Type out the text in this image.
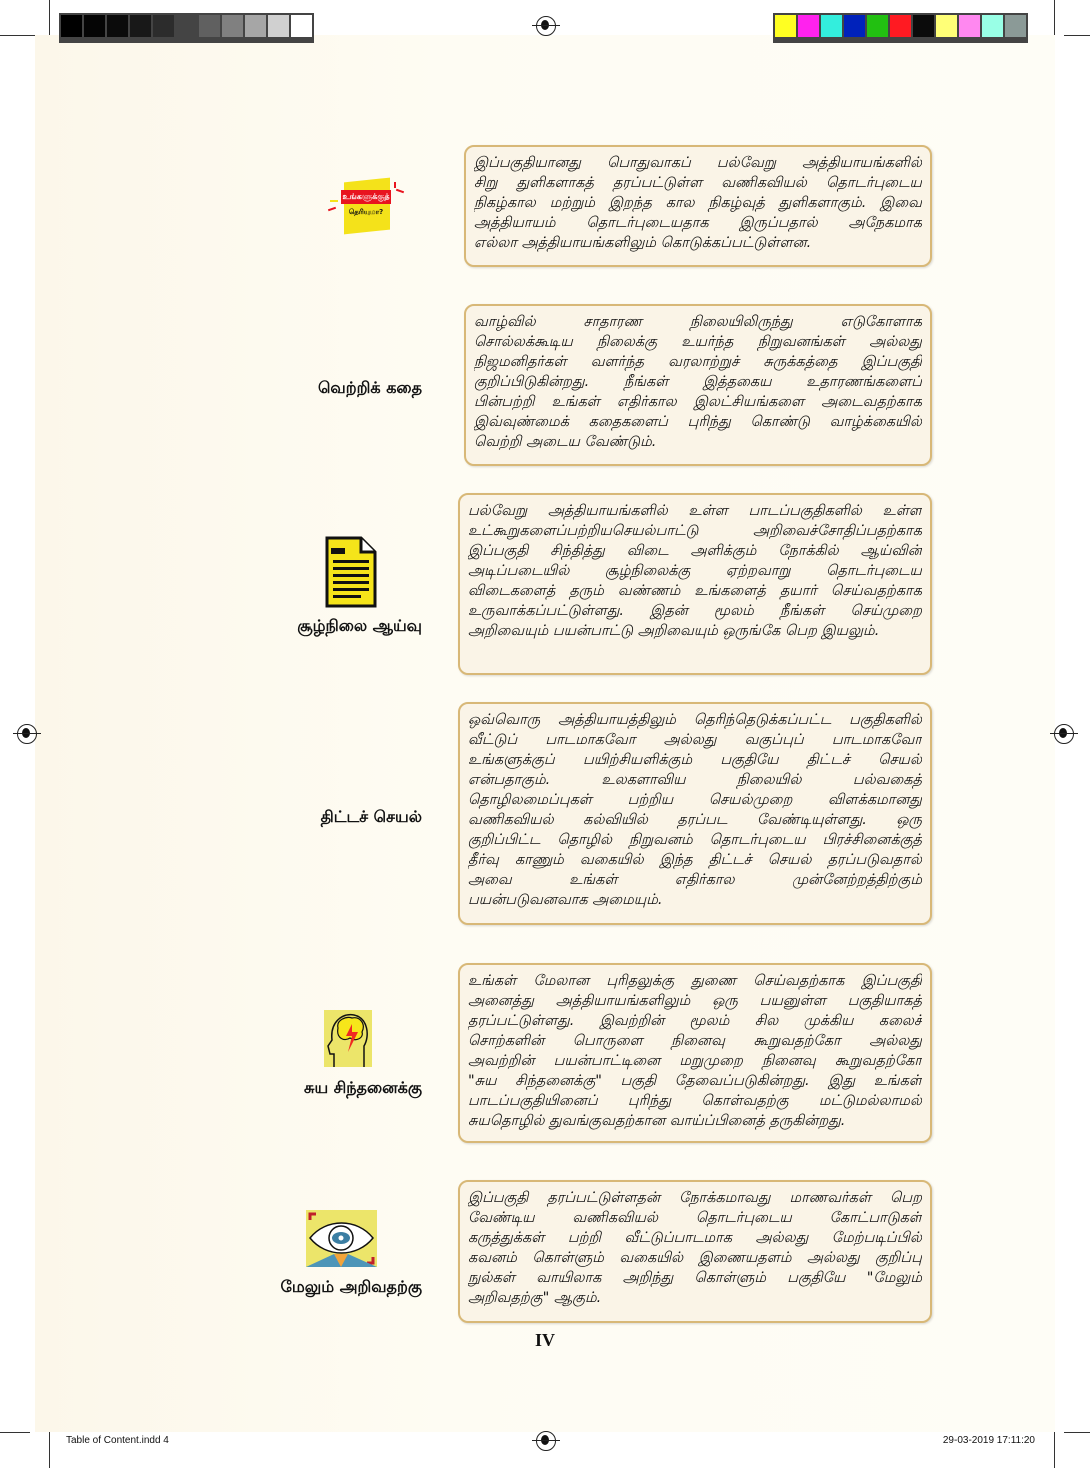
உங்களுக்குத்
தெரியுமா?
வெற்றிக் கதை
சூழ்நிலை ஆய்வு
திட்டச் செயல்
சுய சிந்தனைக்கு
மேலும் அறிவதற்கு
இப்பகுதியானது பொதுவாகப் பல்வேறு அத்தியாயங்களில்
சிறு துளிகளாகத் தரப்பட்டுள்ள வணிகவியல் தொடர்புடைய
நிகழ்கால மற்றும் இறந்த கால நிகழ்வுத் துளிகளாகும். இவை
அத்தியாயம் தொடர்புடையதாக இருப்பதால் அநேகமாக
எல்லா அத்தியாயங்களிலும் கொடுக்கப்பட்டுள்ளன.
வாழ்வில் சாதாரண நிலையிலிருந்து எடுகோளாக
சொல்லக்கூடிய நிலைக்கு உயர்ந்த நிறுவனங்கள் அல்லது
நிஜமனிதர்கள் வளர்ந்த வரலாற்றுச் சுருக்கத்தை இப்பகுதி
குறிப்பிடுகின்றது. நீங்கள் இத்தகைய உதாரணங்களைப்
பின்பற்றி உங்கள் எதிர்கால இலட்சியங்களை அடைவதற்காக
இவ்வுண்மைக் கதைகளைப் புரிந்து கொண்டு வாழ்க்கையில்
வெற்றி அடைய வேண்டும்.
பல்வேறு அத்தியாயங்களில் உள்ள பாடப்பகுதிகளில் உள்ள
உட்கூறுகளைப்பற்றியசெயல்பாட்டு அறிவைச்சோதிப்பதற்காக
இப்பகுதி சிந்தித்து விடை அளிக்கும் நோக்கில் ஆய்வின்
அடிப்படையில் சூழ்நிலைக்கு ஏற்றவாறு தொடர்புடைய
விடைகளைத் தரும் வண்ணம் உங்களைத் தயார் செய்வதற்காக
உருவாக்கப்பட்டுள்ளது. இதன் மூலம் நீங்கள் செய்முறை
அறிவையும் பயன்பாட்டு அறிவையும் ஒருங்கே பெற இயலும்.
ஒவ்வொரு அத்தியாயத்திலும் தெரிந்தெடுக்கப்பட்ட பகுதிகளில்
வீட்டுப் பாடமாகவோ அல்லது வகுப்புப் பாடமாகவோ
உங்களுக்குப் பயிற்சியளிக்கும் பகுதியே திட்டச் செயல்
என்பதாகும். உலகளாவிய நிலையில் பல்வகைத்
தொழிலமைப்புகள் பற்றிய செயல்முறை விளக்கமானது
வணிகவியல் கல்வியில் தரப்பட வேண்டியுள்ளது. ஒரு
குறிப்பிட்ட தொழில் நிறுவனம் தொடர்புடைய பிரச்சினைக்குத்
தீர்வு காணும் வகையில் இந்த திட்டச் செயல் தரப்படுவதால்
அவை உங்கள் எதிர்கால முன்னேற்றத்திற்கும்
பயன்படுவனவாக அமையும்.
உங்கள் மேலான புரிதலுக்கு துணை செய்வதற்காக இப்பகுதி
அனைத்து அத்தியாயங்களிலும் ஒரு பயனுள்ள பகுதியாகத்
தரப்பட்டுள்ளது. இவற்றின் மூலம் சில முக்கிய கலைச்
சொற்களின் பொருளை நினைவு கூறுவதற்கோ அல்லது
அவற்றின் பயன்பாட்டினை மறுமுறை நினைவு கூறுவதற்கோ
"சுய சிந்தனைக்கு" பகுதி தேவைப்படுகின்றது. இது உங்கள்
பாடப்பகுதியினைப் புரிந்து கொள்வதற்கு மட்டுமல்லாமல்
சுயதொழில் துவங்குவதற்கான வாய்ப்பினைத் தருகின்றது.
இப்பகுதி தரப்பட்டுள்ளதன் நோக்கமாவது மாணவர்கள் பெற
வேண்டிய வணிகவியல் தொடர்புடைய கோட்பாடுகள்
கருத்துக்கள் பற்றி வீட்டுப்பாடமாக அல்லது மேற்படிப்பில்
கவனம் கொள்ளும் வகையில் இணையதளம் அல்லது குறிப்பு
நுல்கள் வாயிலாக அறிந்து கொள்ளும் பகுதியே "மேலும்
அறிவதற்கு" ஆகும்.
IV
Table of Content.indd 4	29-03-2019 17:11:20
